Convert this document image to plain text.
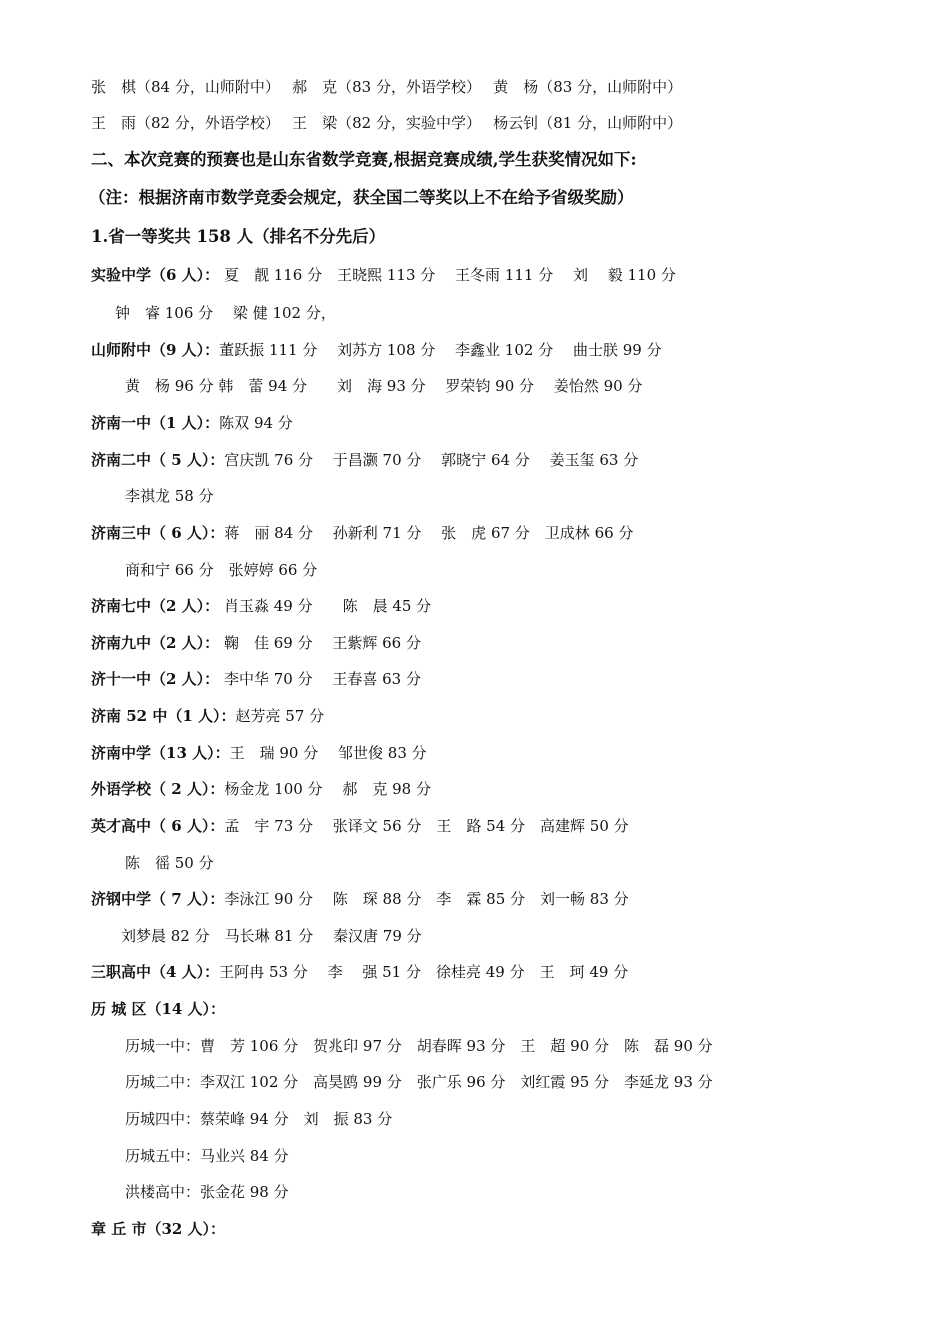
张　棋（84 分，山师附中）　 郝　克（83 分，外语学校）　 黄　杨（83 分，山师附中）
王　雨（82 分，外语学校）　 王　梁（82 分，实验中学）　 杨云钊（81 分，山师附中）
二、本次竞赛的预赛也是山东省数学竞赛,根据竞赛成绩,学生获奖情况如下:
（注：根据济南市数学竞委会规定，获全国二等奖以上不在给予省级奖励）
1.省一等奖共 158 人（排名不分先后）
实验中学（6 人）： 夏　靓 116 分　王晓熙 113 分　 王冬雨 111 分　 刘　 毅 110 分
钟　睿 106 分　 梁 健 102 分，
山师附中（9 人）：董跃振 111 分　 刘苏方 108 分　 李鑫业 102 分　 曲士朕 99 分
黄　杨 96 分 韩　蕾 94 分　　刘　海 93 分　 罗荣钧 90 分　 姜怡然 90 分
济南一中（1 人）：陈双 94 分
济南二中（ 5 人）：宫庆凯 76 分　 于昌灏 70 分　 郭晓宁 64 分　 姜玉玺 63 分
李祺龙 58 分
济南三中（ 6 人）：蒋　丽 84 分　 孙新利 71 分　 张　虎 67 分　卫成林 66 分
商和宁 66 分　张婷婷 66 分
济南七中（2 人）： 肖玉淼 49 分　　陈　晨 45 分
济南九中（2 人）： 鞠　佳 69 分　 王紫辉 66 分
济十一中（2 人）： 李中华 70 分　 王春喜 63 分
济南 52 中（1 人）：赵芳亮 57 分
济南中学（13 人）：王　瑞 90 分　 邹世俊 83 分
外语学校（ 2 人）：杨金龙 100 分　 郝　克 98 分
英才高中（ 6 人）：孟　宇 73 分　 张译文 56 分　王　路 54 分　高建辉 50 分
陈　徭 50 分
济钢中学（ 7 人）：李泳江 90 分　 陈　琛 88 分　李　霖 85 分　刘一畅 83 分
刘梦晨 82 分　马长琳 81 分　 秦汉唐 79 分
三职高中（4 人）：王阿冉 53 分　 李　 强 51 分　徐桂亮 49 分　王　珂 49 分
历 城 区（14 人）：
历城一中：曹　芳 106 分　贺兆印 97 分　胡春晖 93 分　王　超 90 分　陈　磊 90 分
历城二中：李双江 102 分　高昊鸥 99 分　张广乐 96 分　刘红霞 95 分　李延龙 93 分
历城四中：蔡荣峰 94 分　刘　振 83 分
历城五中：马业兴 84 分
洪楼高中：张金花 98 分
章 丘 市（32 人）：
